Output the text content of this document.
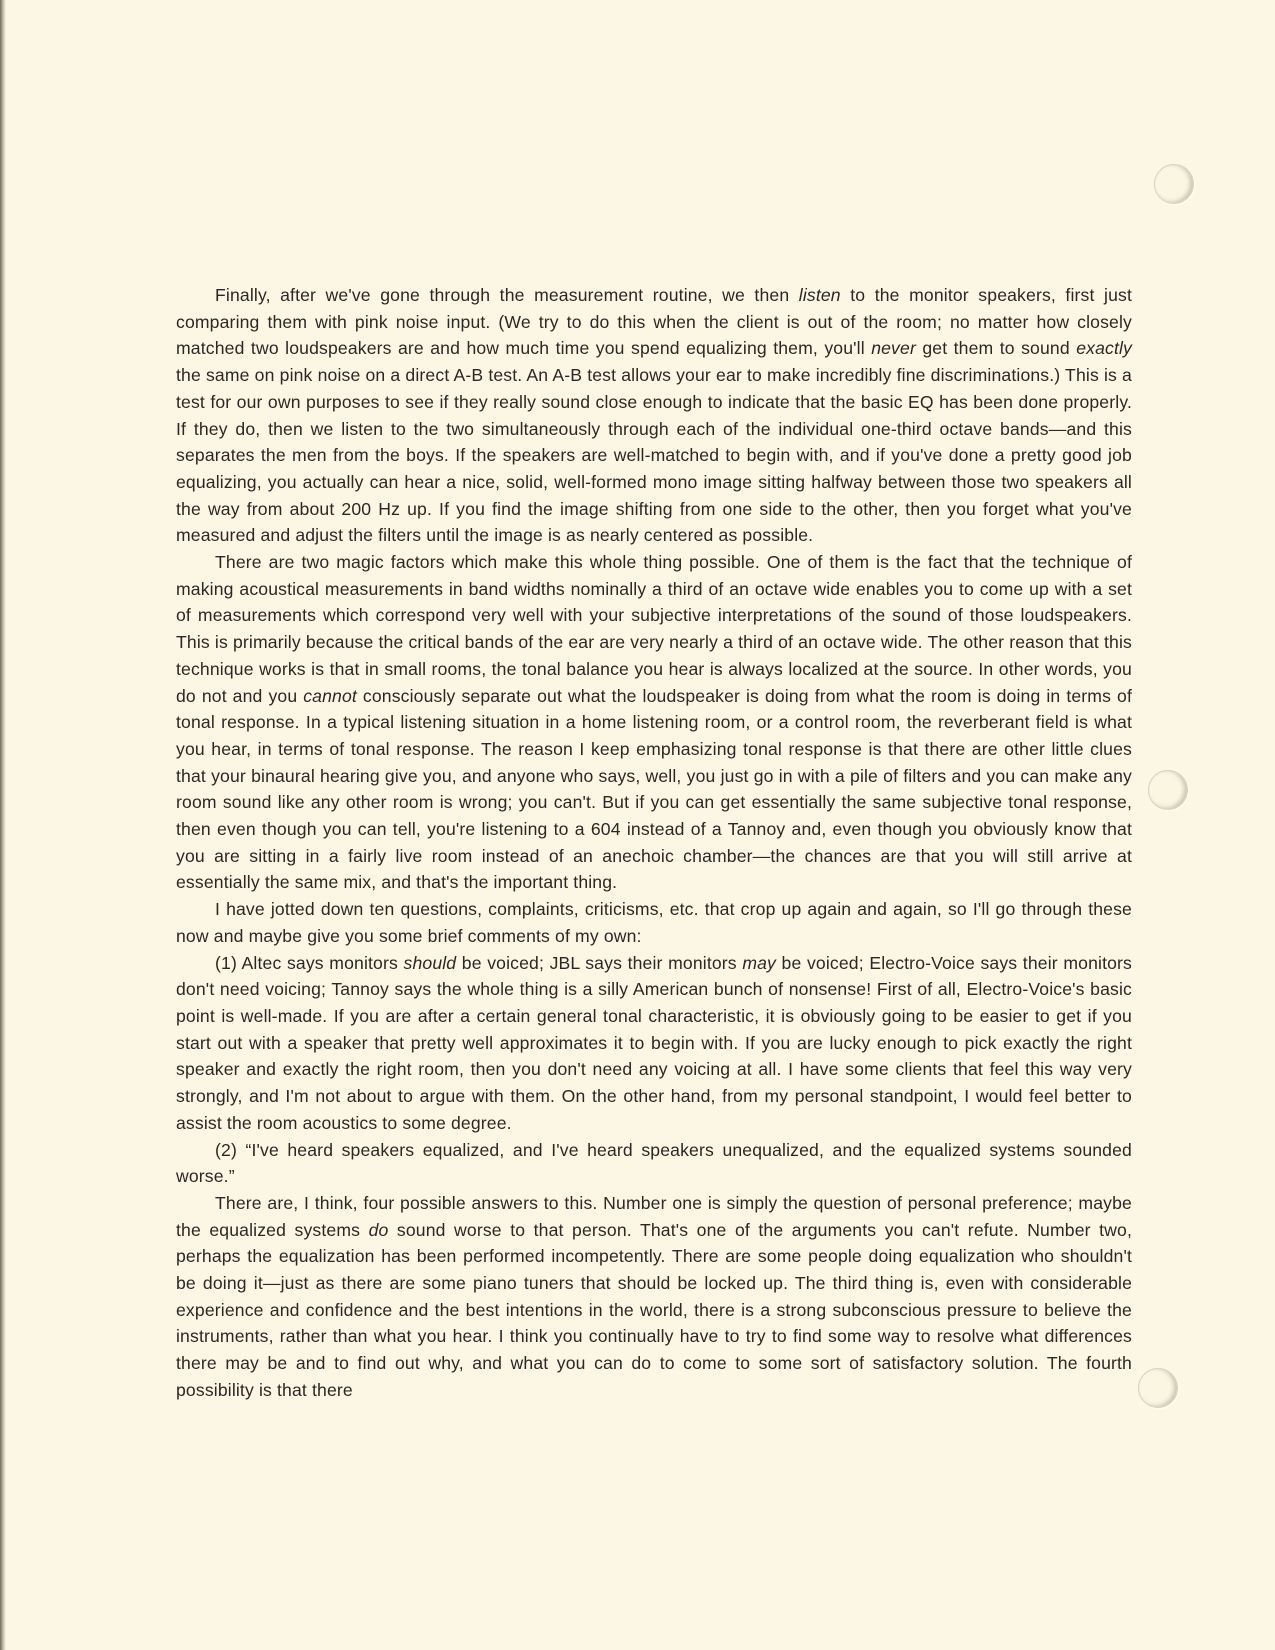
Finally, after we've gone through the measurement routine, we then listen to the monitor speakers, first just comparing them with pink noise input. (We try to do this when the client is out of the room; no matter how closely matched two loudspeakers are and how much time you spend equalizing them, you'll never get them to sound exactly the same on pink noise on a direct A-B test. An A-B test allows your ear to make incredibly fine discriminations.) This is a test for our own purposes to see if they really sound close enough to indicate that the basic EQ has been done properly. If they do, then we listen to the two simultaneously through each of the individual one-third octave bands—and this separates the men from the boys. If the speakers are well-matched to begin with, and if you've done a pretty good job equalizing, you actually can hear a nice, solid, well-formed mono image sitting halfway between those two speakers all the way from about 200 Hz up. If you find the image shifting from one side to the other, then you forget what you've measured and adjust the filters until the image is as nearly centered as possible.

There are two magic factors which make this whole thing possible. One of them is the fact that the technique of making acoustical measurements in band widths nominally a third of an octave wide enables you to come up with a set of measurements which correspond very well with your subjective interpretations of the sound of those loudspeakers. This is primarily because the critical bands of the ear are very nearly a third of an octave wide. The other reason that this technique works is that in small rooms, the tonal balance you hear is always localized at the source. In other words, you do not and you cannot consciously separate out what the loudspeaker is doing from what the room is doing in terms of tonal response. In a typical listening situation in a home listening room, or a control room, the reverberant field is what you hear, in terms of tonal response. The reason I keep emphasizing tonal response is that there are other little clues that your binaural hearing give you, and anyone who says, well, you just go in with a pile of filters and you can make any room sound like any other room is wrong; you can't. But if you can get essentially the same subjective tonal response, then even though you can tell, you're listening to a 604 instead of a Tannoy and, even though you obviously know that you are sitting in a fairly live room instead of an anechoic chamber—the chances are that you will still arrive at essentially the same mix, and that's the important thing.

I have jotted down ten questions, complaints, criticisms, etc. that crop up again and again, so I'll go through these now and maybe give you some brief comments of my own:

(1) Altec says monitors should be voiced; JBL says their monitors may be voiced; Electro-Voice says their monitors don't need voicing; Tannoy says the whole thing is a silly American bunch of nonsense! First of all, Electro-Voice's basic point is well-made. If you are after a certain general tonal characteristic, it is obviously going to be easier to get if you start out with a speaker that pretty well approximates it to begin with. If you are lucky enough to pick exactly the right speaker and exactly the right room, then you don't need any voicing at all. I have some clients that feel this way very strongly, and I'm not about to argue with them. On the other hand, from my personal standpoint, I would feel better to assist the room acoustics to some degree.

(2) “I've heard speakers equalized, and I've heard speakers unequalized, and the equalized systems sounded worse.”

There are, I think, four possible answers to this. Number one is simply the question of personal preference; maybe the equalized systems do sound worse to that person. That's one of the arguments you can't refute. Number two, perhaps the equalization has been performed incompetently. There are some people doing equalization who shouldn't be doing it—just as there are some piano tuners that should be locked up. The third thing is, even with considerable experience and confidence and the best intentions in the world, there is a strong subconscious pressure to believe the instruments, rather than what you hear. I think you continually have to try to find some way to resolve what differences there may be and to find out why, and what you can do to come to some sort of satisfactory solution. The fourth possibility is that there
